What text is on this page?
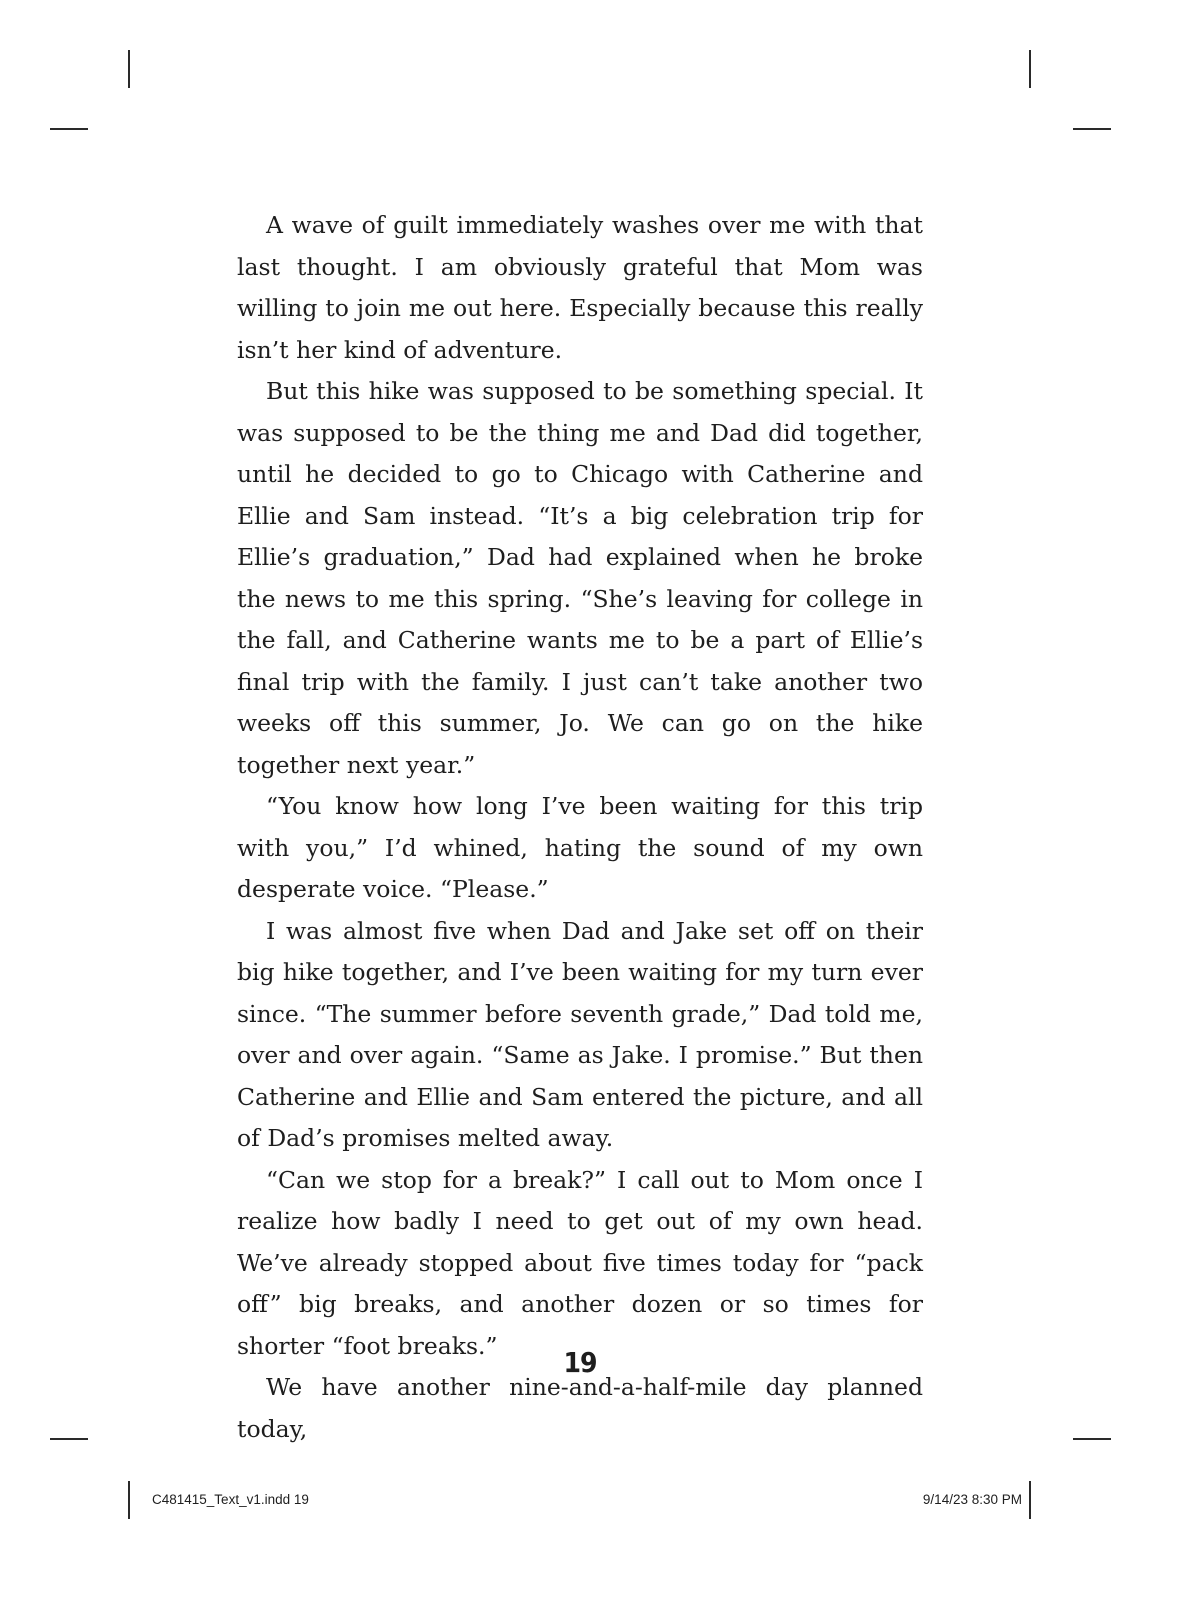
A wave of guilt immediately washes over me with that last thought. I am obviously grateful that Mom was willing to join me out here. Especially because this really isn’t her kind of adventure.

But this hike was supposed to be something special. It was supposed to be the thing me and Dad did together, until he decided to go to Chicago with Catherine and Ellie and Sam instead. “It’s a big celebration trip for Ellie’s graduation,” Dad had explained when he broke the news to me this spring. “She’s leaving for college in the fall, and Catherine wants me to be a part of Ellie’s final trip with the family. I just can’t take another two weeks off this summer, Jo. We can go on the hike together next year.”

“You know how long I’ve been waiting for this trip with you,” I’d whined, hating the sound of my own desperate voice. “Please.”

I was almost five when Dad and Jake set off on their big hike together, and I’ve been waiting for my turn ever since. “The summer before seventh grade,” Dad told me, over and over again. “Same as Jake. I promise.” But then Catherine and Ellie and Sam entered the picture, and all of Dad’s promises melted away.

“Can we stop for a break?” I call out to Mom once I realize how badly I need to get out of my own head. We’ve already stopped about five times today for “pack off” big breaks, and another dozen or so times for shorter “foot breaks.”

We have another nine-and-a-half-mile day planned today,

19
C481415_Text_v1.indd 19	9/14/23 8:30 PM
